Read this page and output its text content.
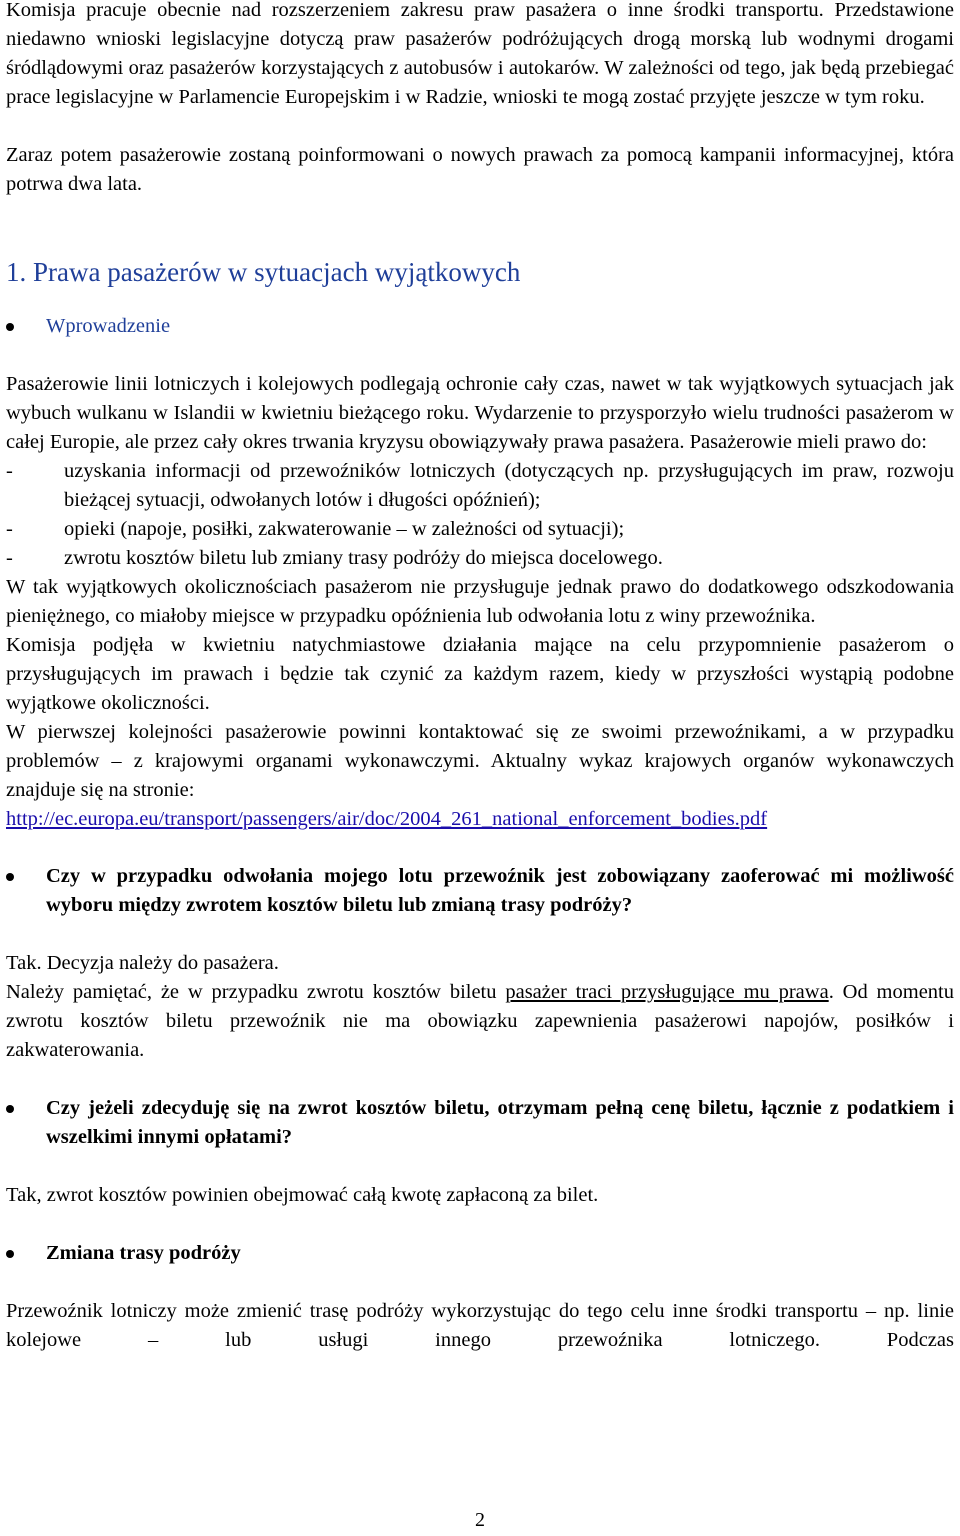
Komisja pracuje obecnie nad rozszerzeniem zakresu praw pasażera o inne środki transportu. Przedstawione niedawno wnioski legislacyjne dotyczą praw pasażerów podróżujących drogą morską lub wodnymi drogami śródlądowymi oraz pasażerów korzystających z autobusów i autokarów. W zależności od tego, jak będą przebiegać prace legislacyjne w Parlamencie Europejskim i w Radzie, wnioski te mogą zostać przyjęte jeszcze w tym roku.

Zaraz potem pasażerowie zostaną poinformowani o nowych prawach za pomocą kampanii informacyjnej, która potrwa dwa lata.

1. Prawa pasażerów w sytuacjach wyjątkowych
Wprowadzenie

Pasażerowie linii lotniczych i kolejowych podlegają ochronie cały czas, nawet w tak wyjątkowych sytuacjach jak wybuch wulkanu w Islandii w kwietniu bieżącego roku. Wydarzenie to przysporzyło wielu trudności pasażerom w całej Europie, ale przez cały okres trwania kryzysu obowiązywały prawa pasażera. Pasażerowie mieli prawo do:

-	uzyskania informacji od przewoźników lotniczych (dotyczących np. przysługujących im praw, rozwoju bieżącej sytuacji, odwołanych lotów i długości opóźnień);
-	opieki (napoje, posiłki, zakwaterowanie – w zależności od sytuacji);
-	zwrotu kosztów biletu lub zmiany trasy podróży do miejsca docelowego.

W tak wyjątkowych okolicznościach pasażerom nie przysługuje jednak prawo do dodatkowego odszkodowania pieniężnego, co miałoby miejsce w przypadku opóźnienia lub odwołania lotu z winy przewoźnika.

Komisja podjęła w kwietniu natychmiastowe działania mające na celu przypomnienie pasażerom o przysługujących im prawach i będzie tak czynić za każdym razem, kiedy w przyszłości wystąpią podobne wyjątkowe okoliczności.

W pierwszej kolejności pasażerowie powinni kontaktować się ze swoimi przewoźnikami, a w przypadku problemów – z krajowymi organami wykonawczymi. Aktualny wykaz krajowych organów wykonawczych znajduje się na stronie:

http://ec.europa.eu/transport/passengers/air/doc/2004_261_national_enforcement_bodies.pdf

Czy w przypadku odwołania mojego lotu przewoźnik jest zobowiązany zaoferować mi możliwość wyboru między zwrotem kosztów biletu lub zmianą trasy podróży?

Tak. Decyzja należy do pasażera.

Należy pamiętać, że w przypadku zwrotu kosztów biletu pasażer traci przysługujące mu prawa. Od momentu zwrotu kosztów biletu przewoźnik nie ma obowiązku zapewnienia pasażerowi napojów, posiłków i zakwaterowania.

Czy jeżeli zdecyduję się na zwrot kosztów biletu, otrzymam pełną cenę biletu, łącznie z podatkiem i wszelkimi innymi opłatami?

Tak, zwrot kosztów powinien obejmować całą kwotę zapłaconą za bilet.

Zmiana trasy podróży

Przewoźnik lotniczy może zmienić trasę podróży wykorzystując do tego celu inne środki transportu – np. linie kolejowe – lub usługi innego przewoźnika lotniczego. Podczas

2
